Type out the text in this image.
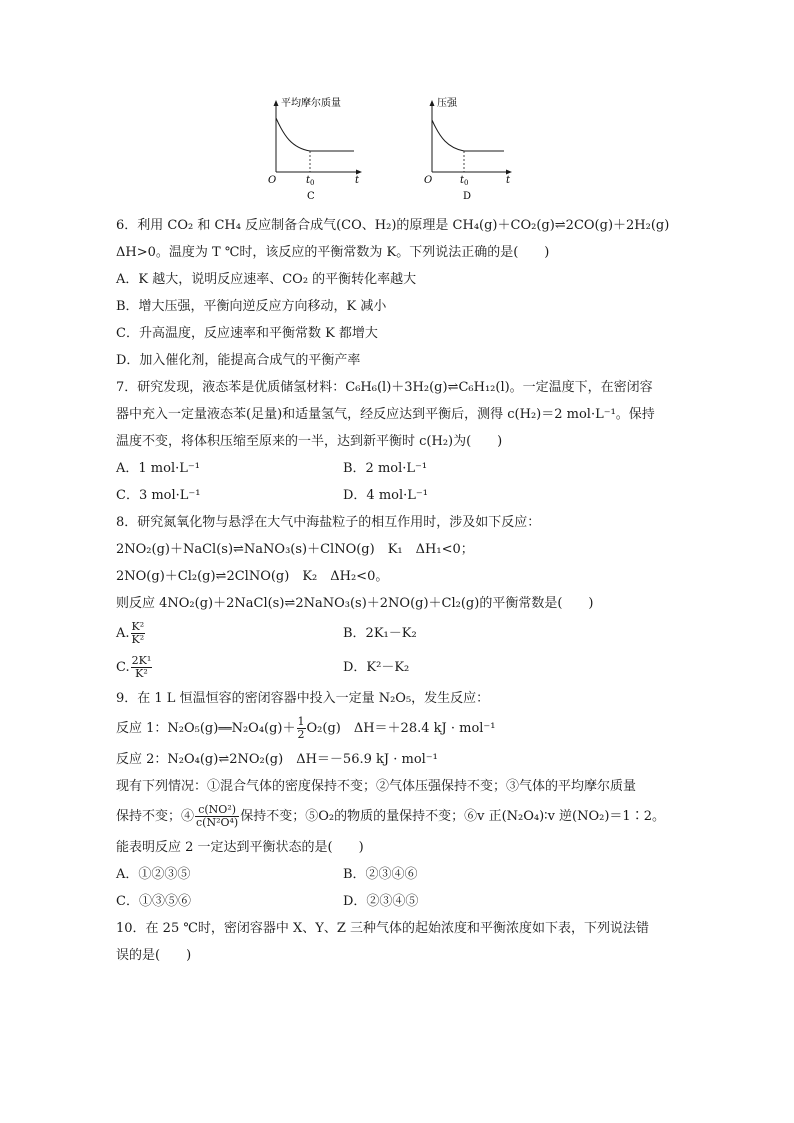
平均摩尔质量
O	t
t 0
C
压强
O	t
t 0
D
6．利用 CO₂ 和 CH₄ 反应制备合成气(CO、H₂)的原理是 CH₄(g)＋CO₂(g)⇌2CO(g)＋2H₂(g)
ΔH>0。温度为 T ℃时，该反应的平衡常数为 K。下列说法正确的是(　　)
A．K 越大，说明反应速率、CO₂ 的平衡转化率越大
B．增大压强，平衡向逆反应方向移动，K 减小
C．升高温度，反应速率和平衡常数 K 都增大
D．加入催化剂，能提高合成气的平衡产率
7．研究发现，液态苯是优质储氢材料：C₆H₆(l)＋3H₂(g)⇌C₆H₁₂(l)。一定温度下，在密闭容
器中充入一定量液态苯(足量)和适量氢气，经反应达到平衡后，测得 c(H₂)＝2 mol·L⁻¹。保持
温度不变，将体积压缩至原来的一半，达到新平衡时 c(H₂)为(　　)
A．1 mol·L⁻¹	B．2 mol·L⁻¹
C．3 mol·L⁻¹	D．4 mol·L⁻¹
8．研究氮氧化物与悬浮在大气中海盐粒子的相互作用时，涉及如下反应：
2NO₂(g)＋NaCl(s)⇌NaNO₃(s)＋ClNO(g)　K₁　ΔH₁<0；
2NO(g)＋Cl₂(g)⇌2ClNO(g)　K₂　ΔH₂<0。
则反应 4NO₂(g)＋2NaCl(s)⇌2NaNO₃(s)＋2NO(g)＋Cl₂(g)的平衡常数是(　　)
A. $\frac{\text{K²}}{\text{K²}}$	B．2K₁－K₂
C. $\frac{\text{2K¹}}{\text{K²}}$	D．K²－K₂
9．在 1 L 恒温恒容的密闭容器中投入一定量 N₂O₅，发生反应：
反应 1：N₂O₅(g)══N₂O₄(g)＋ $\frac{1}{2} O_2(g)$　ΔH＝＋28.4 kJ · mol⁻¹
反应 2：N₂O₄(g)⇌2NO₂(g)　ΔH＝－56.9 kJ · mol⁻¹
现有下列情况：①混合气体的密度保持不变；②气体压强保持不变；③气体的平均摩尔质量
保持不变；④ $\frac{\text{c(NO²)}}{\text{c(N²O⁴)}}$ 保持不变；⑤O₂的物质的量保持不变；⑥v 正(N₂O₄)∶v 逆(NO₂)＝1∶2。
能表明反应 2 一定达到平衡状态的是(　　)
A．①②③⑤	B．②③④⑥
C．①③⑤⑥	D．②③④⑤
10．在 25 ℃时，密闭容器中 X、Y、Z 三种气体的起始浓度和平衡浓度如下表，下列说法错
误的是(　　)
